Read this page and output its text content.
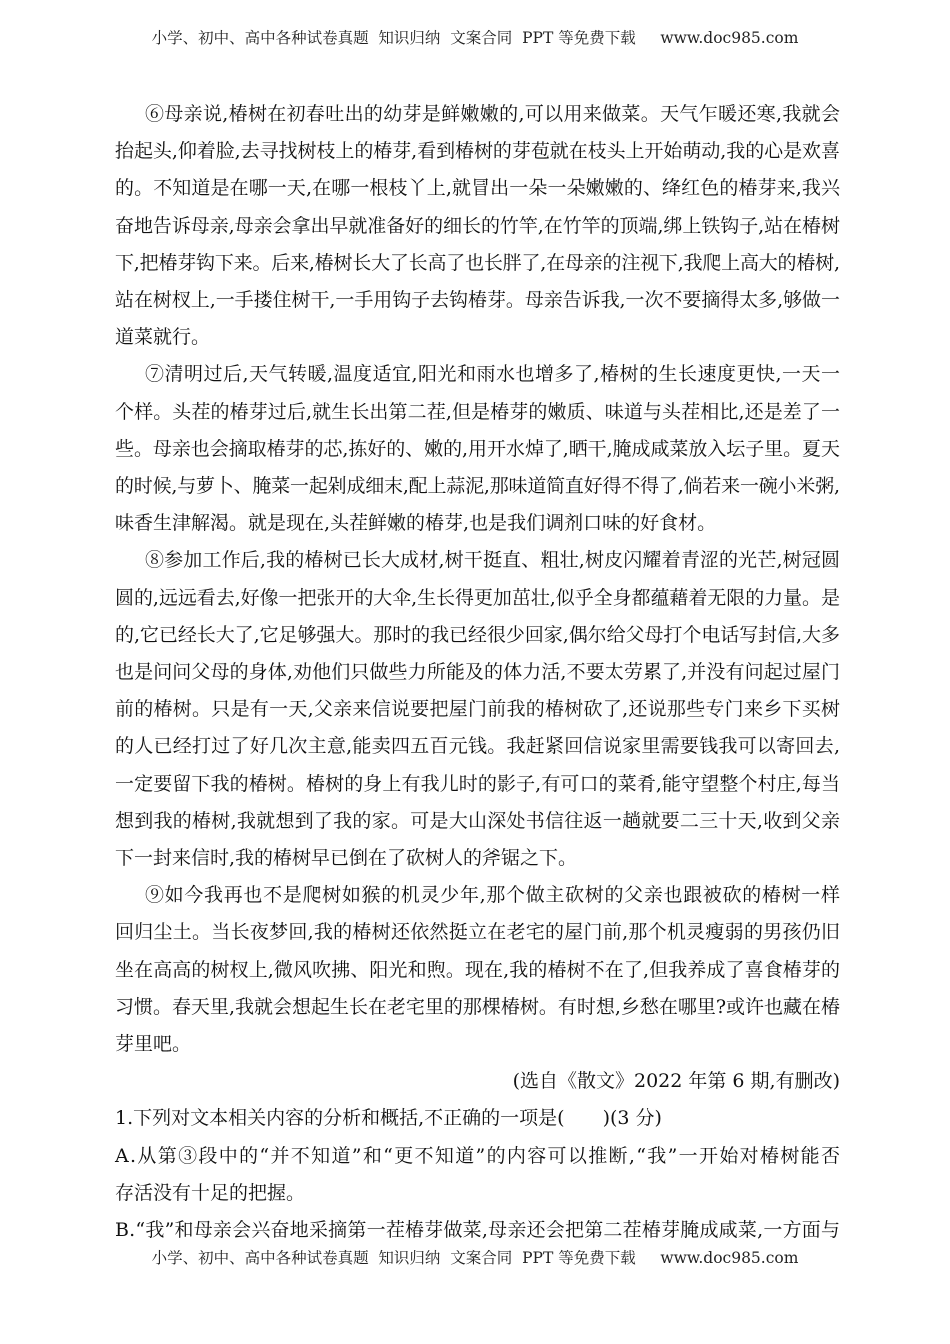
小学、初中、高中各种试卷真题  知识归纳  文案合同  PPT 等免费下载     www.doc985.com
⑥母亲说,椿树在初春吐出的幼芽是鲜嫩嫩的,可以用来做菜。天气乍暖还寒,我就会
抬起头,仰着脸,去寻找树枝上的椿芽,看到椿树的芽苞就在枝头上开始萌动,我的心是欢喜
的。不知道是在哪一天,在哪一根枝丫上,就冒出一朵一朵嫩嫩的、绛红色的椿芽来,我兴
奋地告诉母亲,母亲会拿出早就准备好的细长的竹竿,在竹竿的顶端,绑上铁钩子,站在椿树
下,把椿芽钩下来。后来,椿树长大了长高了也长胖了,在母亲的注视下,我爬上高大的椿树,
站在树杈上,一手搂住树干,一手用钩子去钩椿芽。母亲告诉我,一次不要摘得太多,够做一
道菜就行。
⑦清明过后,天气转暖,温度适宜,阳光和雨水也增多了,椿树的生长速度更快,一天一
个样。头茬的椿芽过后,就生长出第二茬,但是椿芽的嫩质、味道与头茬相比,还是差了一
些。母亲也会摘取椿芽的芯,拣好的、嫩的,用开水焯了,晒干,腌成咸菜放入坛子里。夏天
的时候,与萝卜、腌菜一起剁成细末,配上蒜泥,那味道简直好得不得了,倘若来一碗小米粥,
味香生津解渴。就是现在,头茬鲜嫩的椿芽,也是我们调剂口味的好食材。
⑧参加工作后,我的椿树已长大成材,树干挺直、粗壮,树皮闪耀着青涩的光芒,树冠圆
圆的,远远看去,好像一把张开的大伞,生长得更加茁壮,似乎全身都蕴藉着无限的力量。是
的,它已经长大了,它足够强大。那时的我已经很少回家,偶尔给父母打个电话写封信,大多
也是问问父母的身体,劝他们只做些力所能及的体力活,不要太劳累了,并没有问起过屋门
前的椿树。只是有一天,父亲来信说要把屋门前我的椿树砍了,还说那些专门来乡下买树
的人已经打过了好几次主意,能卖四五百元钱。我赶紧回信说家里需要钱我可以寄回去,
一定要留下我的椿树。椿树的身上有我儿时的影子,有可口的菜肴,能守望整个村庄,每当
想到我的椿树,我就想到了我的家。可是大山深处书信往返一趟就要二三十天,收到父亲
下一封来信时,我的椿树早已倒在了砍树人的斧锯之下。
⑨如今我再也不是爬树如猴的机灵少年,那个做主砍树的父亲也跟被砍的椿树一样
回归尘土。当长夜梦回,我的椿树还依然挺立在老宅的屋门前,那个机灵瘦弱的男孩仍旧
坐在高高的树杈上,微风吹拂、阳光和煦。现在,我的椿树不在了,但我养成了喜食椿芽的
习惯。春天里,我就会想起生长在老宅里的那棵椿树。有时想,乡愁在哪里?或许也藏在椿
芽里吧。
(选自《散文》2022 年第 6 期,有删改)
1.下列对文本相关内容的分析和概括,不正确的一项是(　　)(3 分)
A.从第③段中的“并不知道”和“更不知道”的内容可以推断,“我”一开始对椿树能否
存活没有十足的把握。
B.“我”和母亲会兴奋地采摘第一茬椿芽做菜,母亲还会把第二茬椿芽腌成咸菜,一方面与
小学、初中、高中各种试卷真题  知识归纳  文案合同  PPT 等免费下载     www.doc985.com
